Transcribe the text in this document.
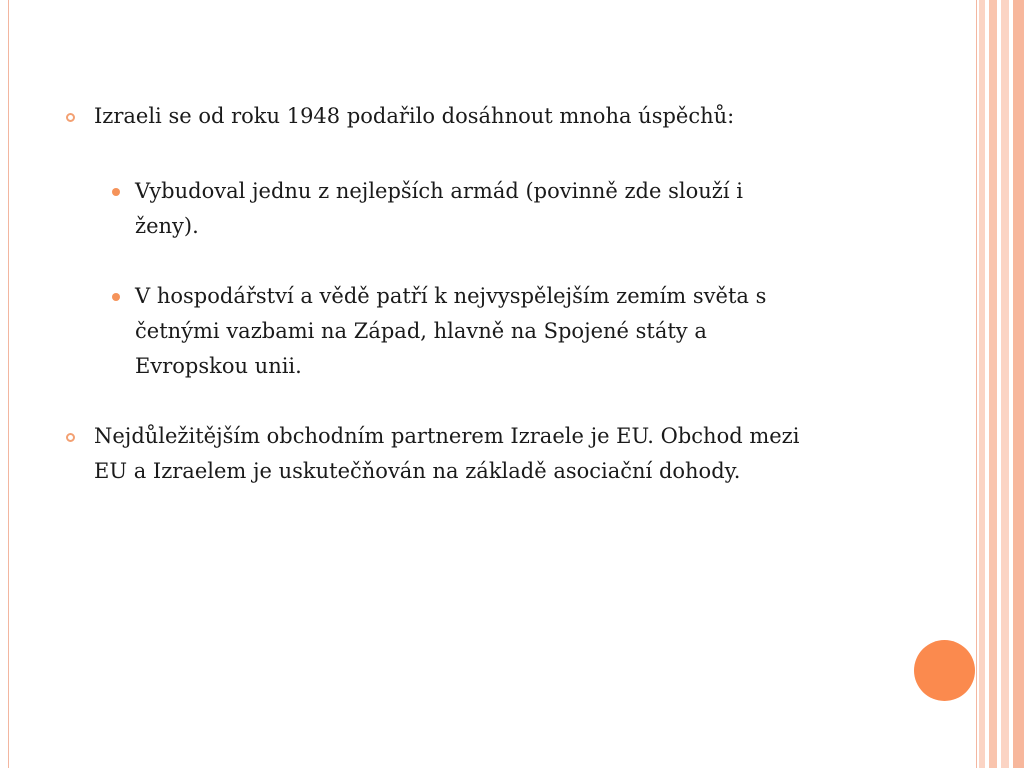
Izraeli se od roku 1948 podařilo dosáhnout mnoha úspěchů:

Vybudoval jednu z nejlepších armád (povinně zde slouží i
ženy).

V hospodářství a vědě patří k nejvyspělejším zemím světa s
četnými vazbami na Západ, hlavně na Spojené státy a
Evropskou unii.

Nejdůležitějším obchodním partnerem Izraele je EU. Obchod mezi
EU a Izraelem je uskutečňován na základě asociační dohody.
